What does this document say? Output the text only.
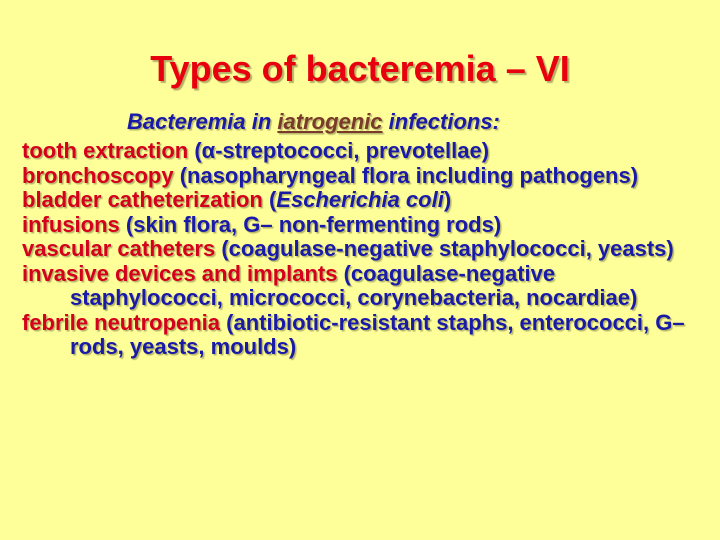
Types of bacteremia – VI
Bacteremia in iatrogenic infections:

tooth extraction (α-streptococci, prevotellae)

bronchoscopy (nasopharyngeal flora including pathogens)

bladder catheterization (Escherichia coli)

infusions (skin flora, G– non-fermenting rods)

vascular catheters (coagulase-negative staphylococci, yeasts)

invasive devices and implants (coagulase-negative staphylococci, micrococci, corynebacteria, nocardiae)

febrile neutropenia (antibiotic-resistant staphs, enterococci, G– rods, yeasts, moulds)
